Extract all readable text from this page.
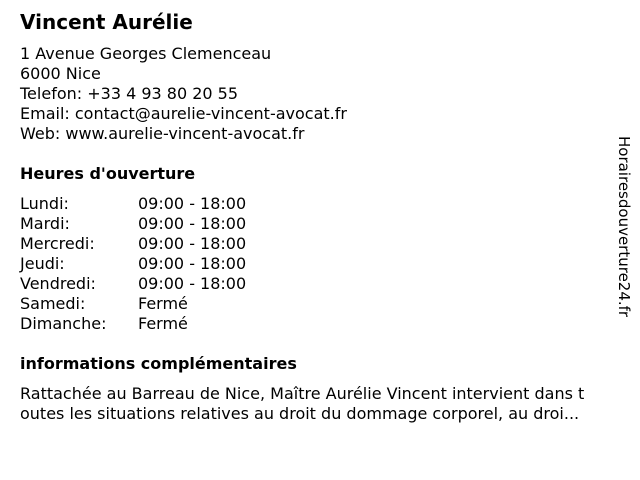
Vincent Aurélie
1 Avenue Georges Clemenceau
6000 Nice
Telefon: +33 4 93 80 20 55
Email: contact@aurelie-vincent-avocat.fr
Web: www.aurelie-vincent-avocat.fr
Heures d'ouverture
Lundi:	09:00 - 18:00
Mardi:	09:00 - 18:00
Mercredi:	09:00 - 18:00
Jeudi:	09:00 - 18:00
Vendredi:	09:00 - 18:00
Samedi:	Fermé
Dimanche:	Fermé
informations complémentaires
Rattachée au Barreau de Nice, Maître Aurélie Vincent intervient dans t
outes les situations relatives au droit du dommage corporel, au droi...
Horairesdouverture24.fr
